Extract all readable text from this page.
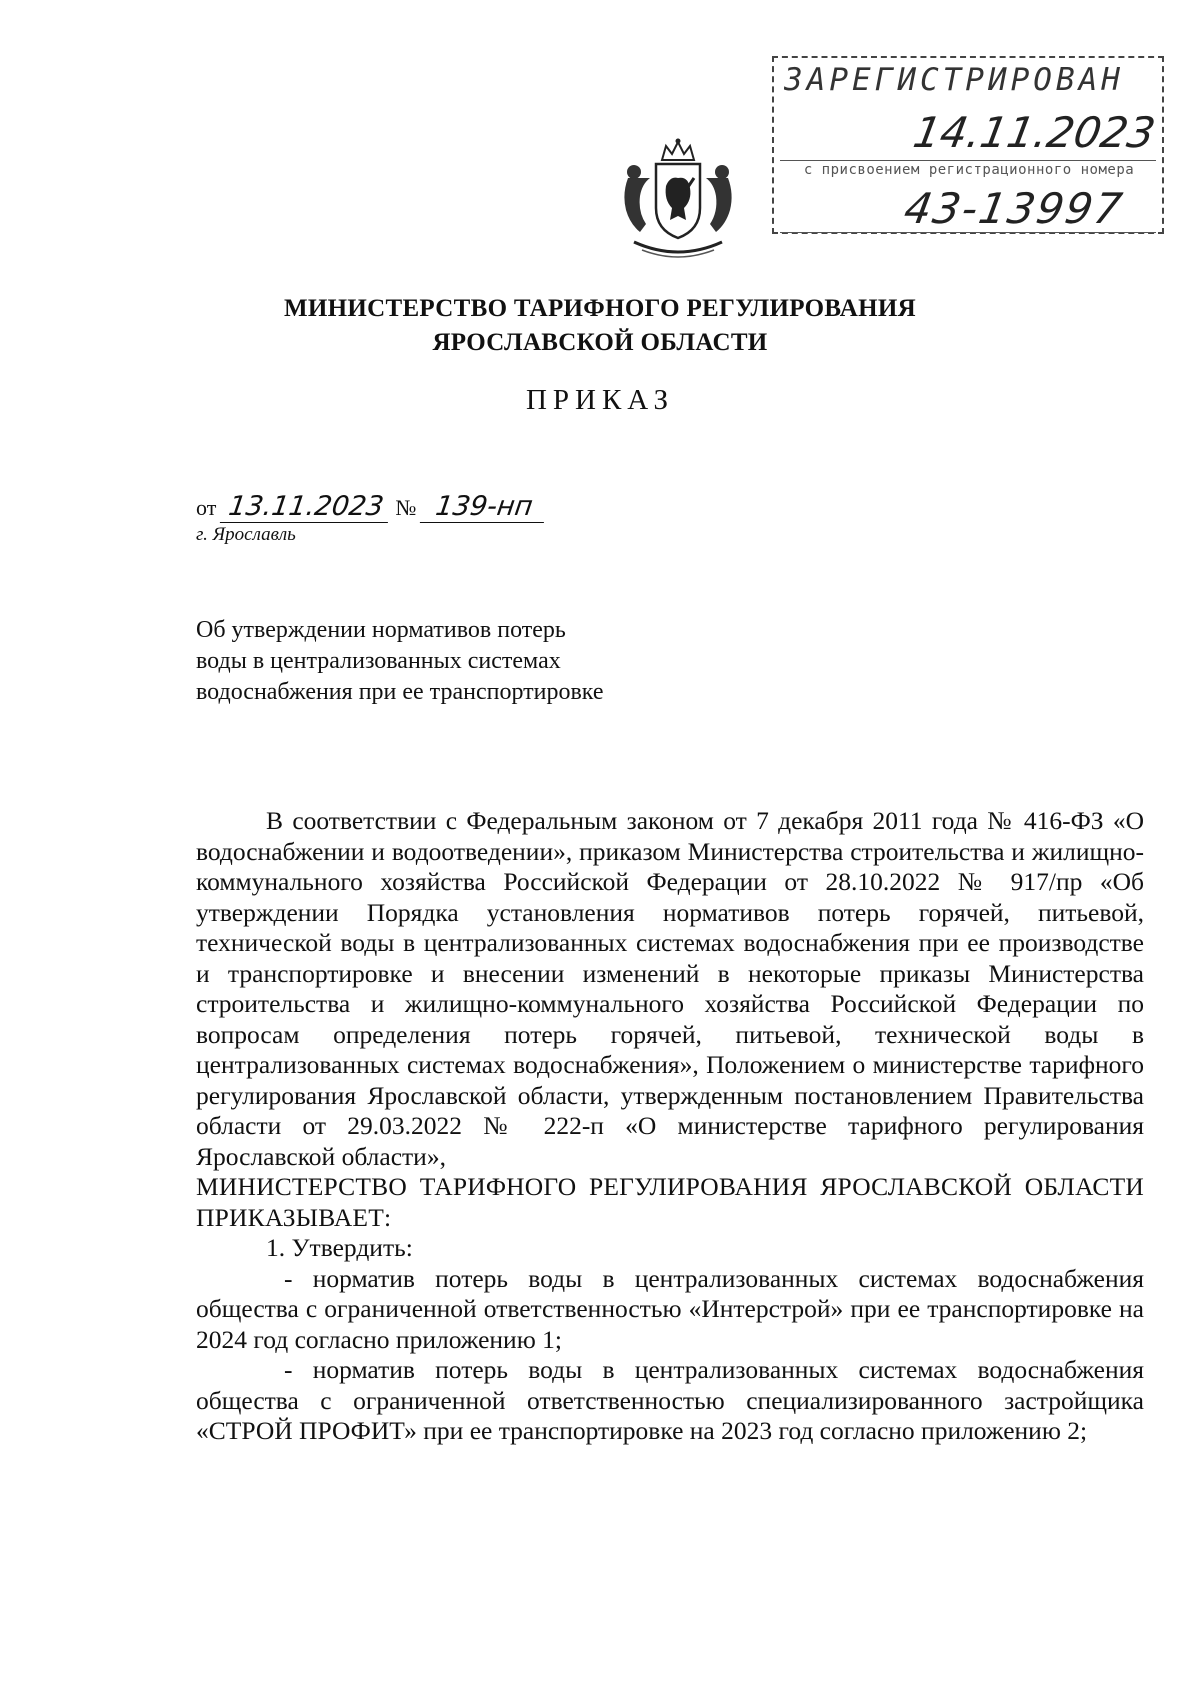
ЗАРЕГИСТРИРОВАН
14.11.2023
с присвоением регистрационного номера
43-13997
МИНИСТЕРСТВО ТАРИФНОГО РЕГУЛИРОВАНИЯ
ЯРОСЛАВСКОЙ ОБЛАСТИ
ПРИКАЗ
от 13.11.2023 № 139-нп
г. Ярославль
Об утверждении нормативов потерь воды в централизованных системах водоснабжения при ее транспортировке

В соответствии с Федеральным законом от 7 декабря 2011 года № 416-ФЗ «О водоснабжении и водоотведении», приказом Министерства строительства и жилищно-коммунального хозяйства Российской Федерации от 28.10.2022 № 917/пр «Об утверждении Порядка установления нормативов потерь горячей, питьевой, технической воды в централизованных системах водоснабжения при ее производстве и транспортировке и внесении изменений в некоторые приказы Министерства строительства и жилищно-коммунального хозяйства Российской Федерации по вопросам определения потерь горячей, питьевой, технической воды в централизованных системах водоснабжения», Положением о министерстве тарифного регулирования Ярославской области, утвержденным постановлением Правительства области от 29.03.2022 № 222-п «О министерстве тарифного регулирования Ярославской области»,

МИНИСТЕРСТВО ТАРИФНОГО РЕГУЛИРОВАНИЯ ЯРОСЛАВСКОЙ ОБЛАСТИ ПРИКАЗЫВАЕТ:

1. Утвердить:

- норматив потерь воды в централизованных системах водоснабжения общества с ограниченной ответственностью «Интерстрой» при ее транспортировке на 2024 год согласно приложению 1;

- норматив потерь воды в централизованных системах водоснабжения общества с ограниченной ответственностью специализированного застройщика «СТРОЙ ПРОФИТ» при ее транспортировке на 2023 год согласно приложению 2;
